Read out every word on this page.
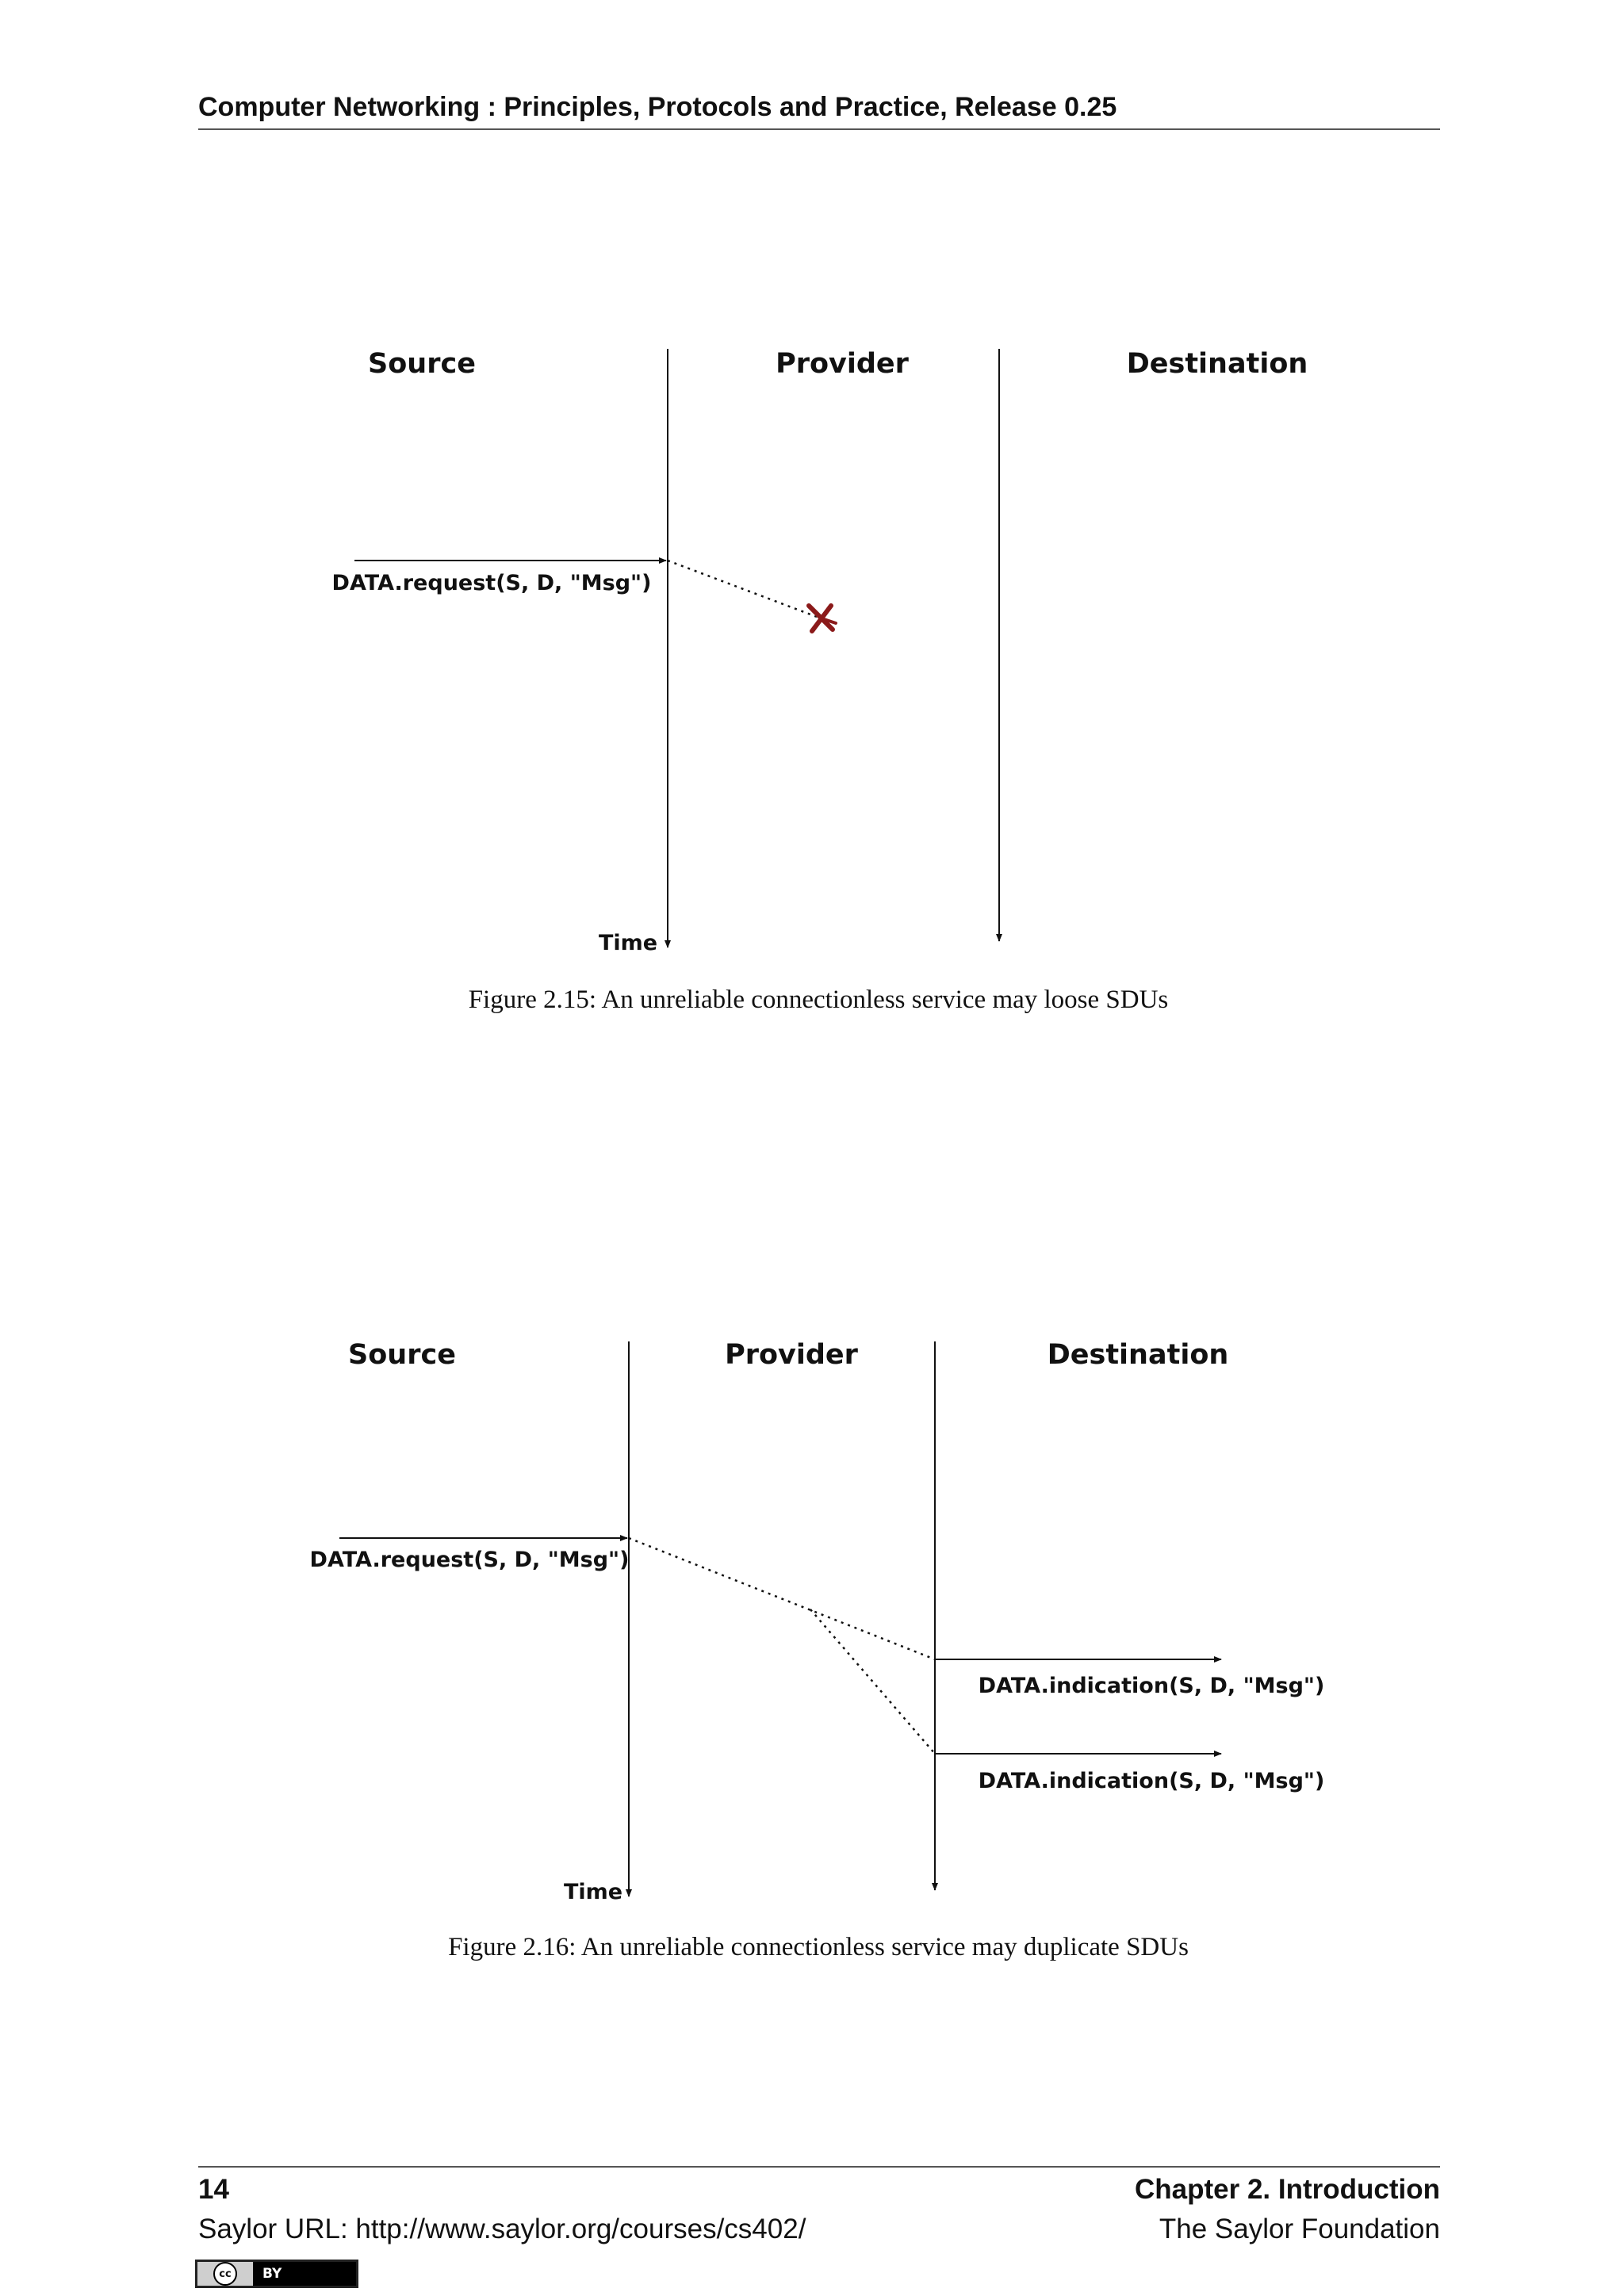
Computer Networking : Principles, Protocols and Practice, Release 0.25
Source	Provider	Destination
DATA.request(S, D, "Msg")
Time
Figure 2.15: An unreliable connectionless service may loose SDUs
Source	Provider	Destination
DATA.request(S, D, "Msg")
DATA.indication(S, D, "Msg")
DATA.indication(S, D, "Msg")
Time
Figure 2.16: An unreliable connectionless service may duplicate SDUs
14	Chapter 2. Introduction
Saylor URL: http://www.saylor.org/courses/cs402/	The Saylor Foundation
cc	BY
